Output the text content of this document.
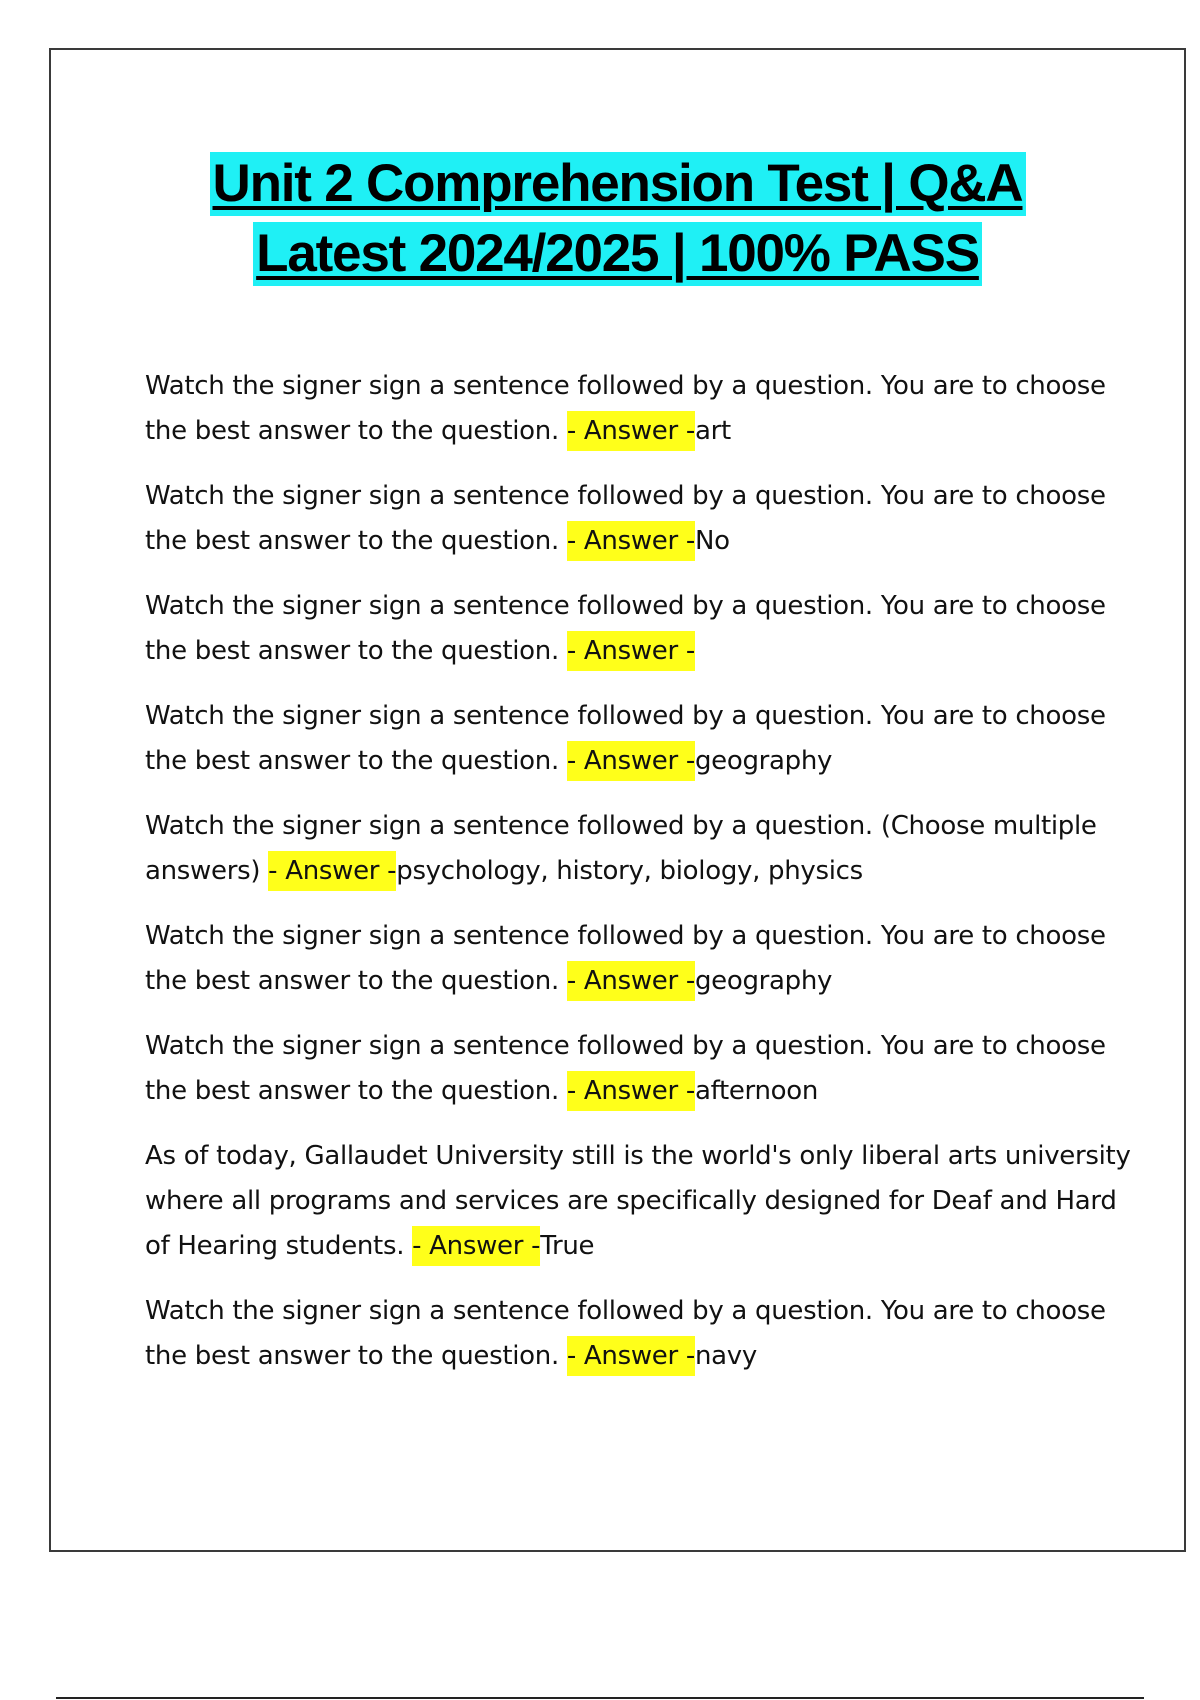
Unit 2 Comprehension Test | Q&A
Latest 2024/2025 | 100% PASS

Watch the signer sign a sentence followed by a question. You are to choose the best answer to the question. - Answer -art

Watch the signer sign a sentence followed by a question. You are to choose the best answer to the question. - Answer -No

Watch the signer sign a sentence followed by a question. You are to choose the best answer to the question. - Answer -

Watch the signer sign a sentence followed by a question. You are to choose the best answer to the question. - Answer -geography

Watch the signer sign a sentence followed by a question. (Choose multiple answers) - Answer -psychology, history, biology, physics

Watch the signer sign a sentence followed by a question. You are to choose the best answer to the question. - Answer -geography

Watch the signer sign a sentence followed by a question. You are to choose the best answer to the question. - Answer -afternoon

As of today, Gallaudet University still is the world's only liberal arts university where all programs and services are specifically designed for Deaf and Hard of Hearing students. - Answer -True

Watch the signer sign a sentence followed by a question. You are to choose the best answer to the question. - Answer -navy
